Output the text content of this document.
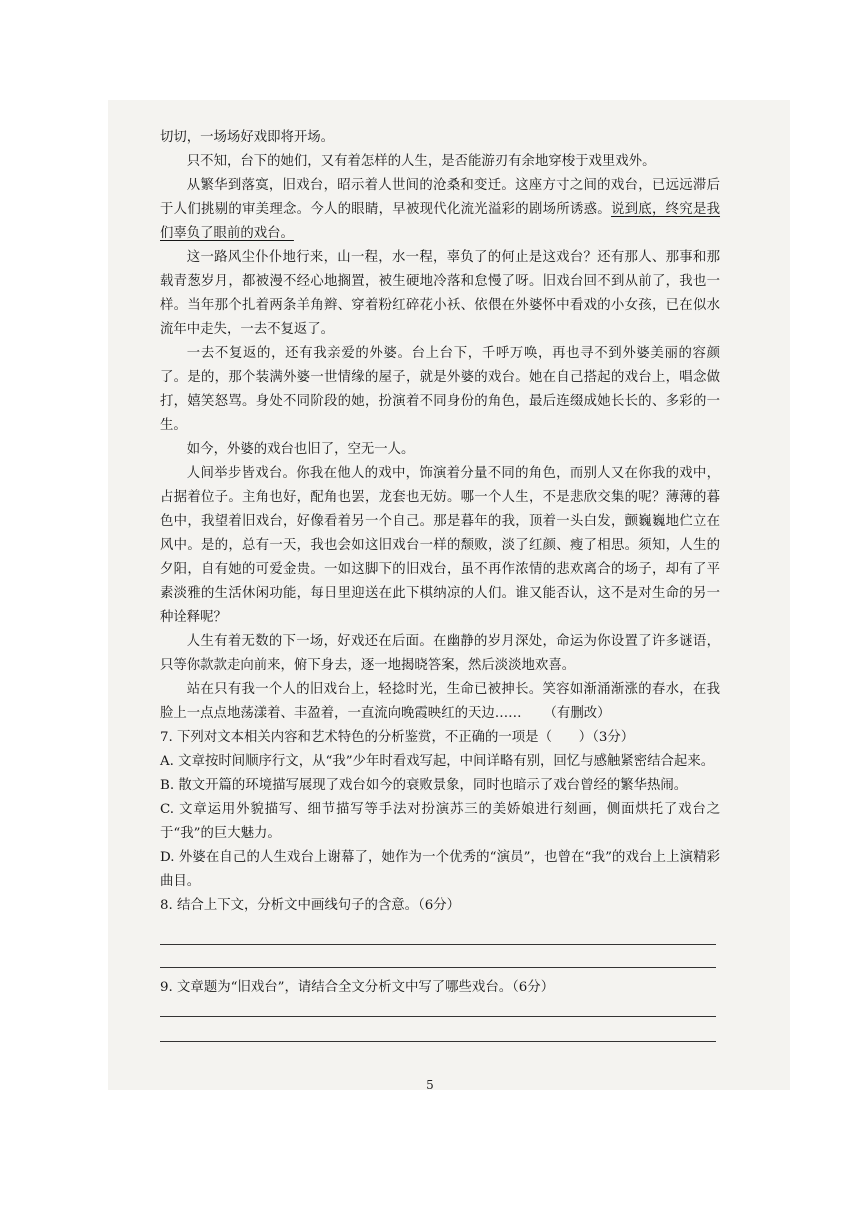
切切，一场场好戏即将开场。

只不知，台下的她们，又有着怎样的人生，是否能游刃有余地穿梭于戏里戏外。

从繁华到落寞，旧戏台，昭示着人世间的沧桑和变迁。这座方寸之间的戏台，已远远滞后于人们挑剔的审美理念。今人的眼睛，早被现代化流光溢彩的剧场所诱惑。说到底，终究是我们辜负了眼前的戏台。

这一路风尘仆仆地行来，山一程，水一程，辜负了的何止是这戏台？还有那人、那事和那载青葱岁月，都被漫不经心地搁置，被生硬地冷落和怠慢了呀。旧戏台回不到从前了，我也一样。当年那个扎着两条羊角辫、穿着粉红碎花小袄、依偎在外婆怀中看戏的小女孩，已在似水流年中走失，一去不复返了。

一去不复返的，还有我亲爱的外婆。台上台下，千呼万唤，再也寻不到外婆美丽的容颜了。是的，那个装满外婆一世情缘的屋子，就是外婆的戏台。她在自己搭起的戏台上，唱念做打，嬉笑怒骂。身处不同阶段的她，扮演着不同身份的角色，最后连缀成她长长的、多彩的一生。

如今，外婆的戏台也旧了，空无一人。

人间举步皆戏台。你我在他人的戏中，饰演着分量不同的角色，而别人又在你我的戏中，占据着位子。主角也好，配角也罢，龙套也无妨。哪一个人生，不是悲欣交集的呢？薄薄的暮色中，我望着旧戏台，好像看着另一个自己。那是暮年的我，顶着一头白发，颤巍巍地伫立在风中。是的，总有一天，我也会如这旧戏台一样的颓败，淡了红颜、瘦了相思。须知，人生的夕阳，自有她的可爱金贵。一如这脚下的旧戏台，虽不再作浓情的悲欢离合的场子，却有了平素淡雅的生活休闲功能，每日里迎送在此下棋纳凉的人们。谁又能否认，这不是对生命的另一种诠释呢？

人生有着无数的下一场，好戏还在后面。在幽静的岁月深处，命运为你设置了许多谜语，只等你款款走向前来，俯下身去，逐一地揭晓答案，然后淡淡地欢喜。

站在只有我一个人的旧戏台上，轻捻时光，生命已被抻长。笑容如渐涌渐涨的春水，在我脸上一点点地荡漾着、丰盈着，一直流向晚霞映红的天边…… （有删改）

7. 下列对文本相关内容和艺术特色的分析鉴赏，不正确的一项是（　　）（3分）

A. 文章按时间顺序行文，从“我”少年时看戏写起，中间详略有别，回忆与感触紧密结合起来。

B. 散文开篇的环境描写展现了戏台如今的衰败景象，同时也暗示了戏台曾经的繁华热闹。

C. 文章运用外貌描写、细节描写等手法对扮演苏三的美娇娘进行刻画，侧面烘托了戏台之于“我”的巨大魅力。

D. 外婆在自己的人生戏台上谢幕了，她作为一个优秀的“演员”，也曾在“我”的戏台上上演精彩曲目。

8. 结合上下文，分析文中画线句子的含意。（6分）

9. 文章题为“旧戏台”，请结合全文分析文中写了哪些戏台。（6分）

5
